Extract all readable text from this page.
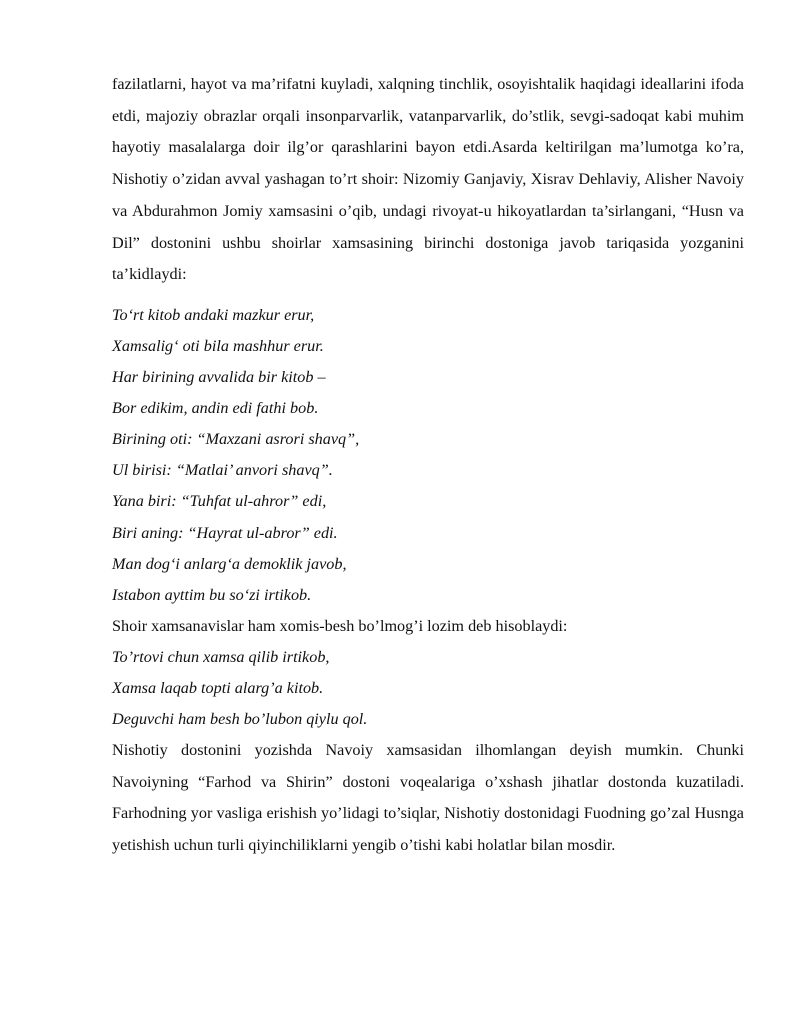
fazilatlarni, hayot va ma’rifatni kuyladi, xalqning tinchlik, osoyishtalik haqidagi ideallarini ifoda etdi, majoziy obrazlar orqali insonparvarlik, vatanparvarlik, do’stlik, sevgi-sadoqat kabi muhim hayotiy masalalarga doir ilg’or qarashlarini bayon etdi.Asarda keltirilgan ma’lumotga ko’ra, Nishotiy o’zidan avval yashagan to’rt shoir: Nizomiy Ganjaviy, Xisrav Dehlaviy, Alisher Navoiy va Abdurahmon Jomiy xamsasini o’qib, undagi rivoyat-u hikoyatlardan ta’sirlangani, “Husn va Dil” dostonini ushbu shoirlar xamsasining birinchi dostoniga javob tariqasida yozganini ta’kidlaydi:

To‘rt kitob andaki mazkur erur,

Xamsalig‘ oti bila mashhur erur.

Har birining avvalida bir kitob –

Bor edikim, andin edi fathi bob.

Birining oti: “Maxzani asrori shavq”,

Ul birisi: “Matlai’ anvori shavq”.

Yana biri: “Tuhfat ul-ahror” edi,

Biri aning: “Hayrat ul-abror” edi.

Man dog‘i anlarg‘a demoklik javob,

Istabon ayttim bu so‘zi irtikob.

Shoir xamsanavislar ham xomis-besh bo’lmog’i lozim deb hisoblaydi:

To’rtovi chun xamsa qilib irtikob,

Xamsa laqab topti alarg’a kitob.

Deguvchi ham besh bo’lubon qiylu qol.

Nishotiy dostonini yozishda Navoiy xamsasidan ilhomlangan deyish mumkin. Chunki Navoiyning “Farhod va Shirin” dostoni voqealariga o’xshash jihatlar dostonda kuzatiladi. Farhodning yor vasliga erishish yo’lidagi to’siqlar, Nishotiy dostonidagi Fuodning go’zal Husnga yetishish uchun turli qiyinchiliklarni yengib o’tishi kabi holatlar bilan mosdir.
